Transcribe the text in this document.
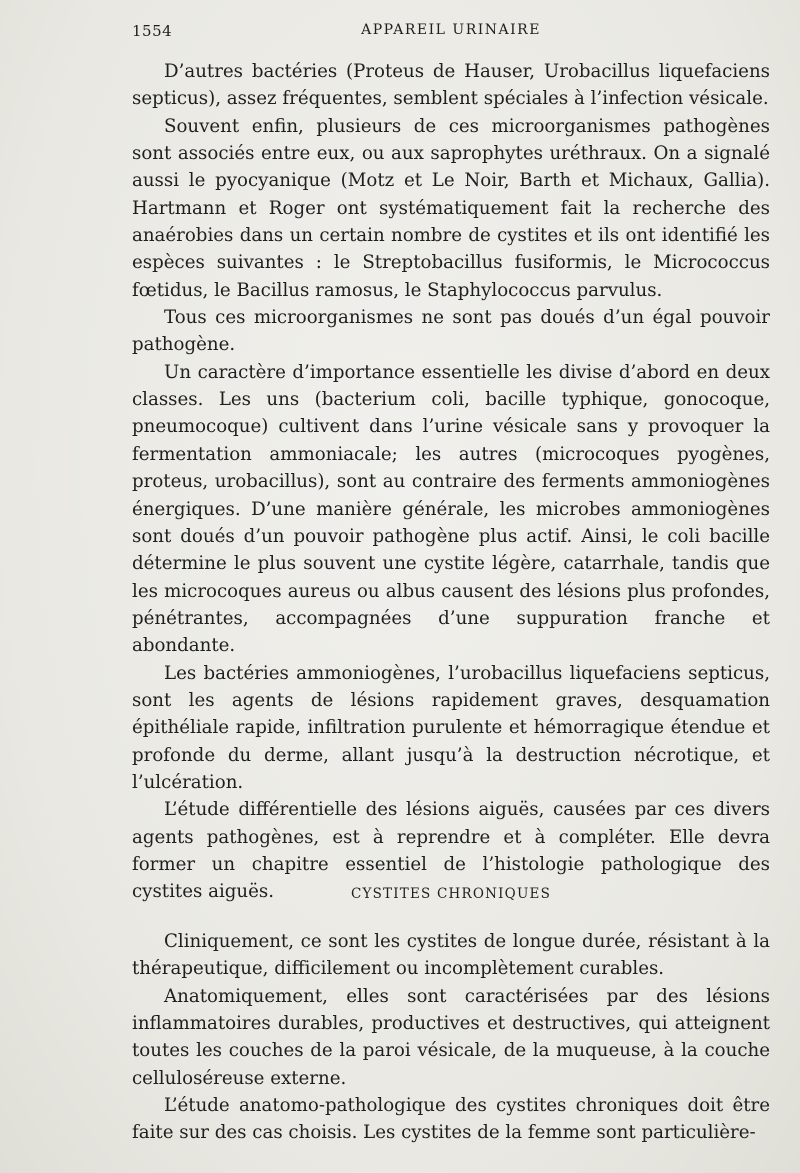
1554	APPAREIL URINAIRE

D’autres bactéries (Proteus de Hauser, Urobacillus liquefaciens septicus), assez fréquentes, semblent spéciales à l’infection vésicale.

Souvent enfin, plusieurs de ces microorganismes pathogènes sont associés entre eux, ou aux saprophytes uréthraux. On a signalé aussi le pyocyanique (Motz et Le Noir, Barth et Michaux, Gallia). Hartmann et Roger ont systématiquement fait la recherche des anaérobies dans un certain nombre de cystites et ils ont identifié les espèces suivantes : le Streptobacillus fusiformis, le Micrococcus fœtidus, le Bacillus ramosus, le Staphylococcus parvulus.

Tous ces microorganismes ne sont pas doués d’un égal pouvoir pathogène.

Un caractère d’importance essentielle les divise d’abord en deux classes. Les uns (bacterium coli, bacille typhique, gonocoque, pneumocoque) cultivent dans l’urine vésicale sans y provoquer la fermentation ammoniacale; les autres (microcoques pyogènes, proteus, urobacillus), sont au contraire des ferments ammoniogènes énergiques. D’une manière générale, les microbes ammoniogènes sont doués d’un pouvoir pathogène plus actif. Ainsi, le coli bacille détermine le plus souvent une cystite légère, catarrhale, tandis que les microcoques aureus ou albus causent des lésions plus profondes, pénétrantes, accompagnées d’une suppuration franche et abondante.

Les bactéries ammoniogènes, l’urobacillus liquefaciens septicus, sont les agents de lésions rapidement graves, desquamation épithéliale rapide, infiltration purulente et hémorragique étendue et profonde du derme, allant jusqu’à la destruction nécrotique, et l’ulcération.

L’étude différentielle des lésions aiguës, causées par ces divers agents pathogènes, est à reprendre et à compléter. Elle devra former un chapitre essentiel de l’histologie pathologique des cystites aiguës.	CYSTITES CHRONIQUES

Cliniquement, ce sont les cystites de longue durée, résistant à la thérapeutique, difficilement ou incomplètement curables.

Anatomiquement, elles sont caractérisées par des lésions inflammatoires durables, productives et destructives, qui atteignent toutes les couches de la paroi vésicale, de la muqueuse, à la couche celluloséreuse externe.

L’étude anatomo-pathologique des cystites chroniques doit être faite sur des cas choisis. Les cystites de la femme sont particulière-
